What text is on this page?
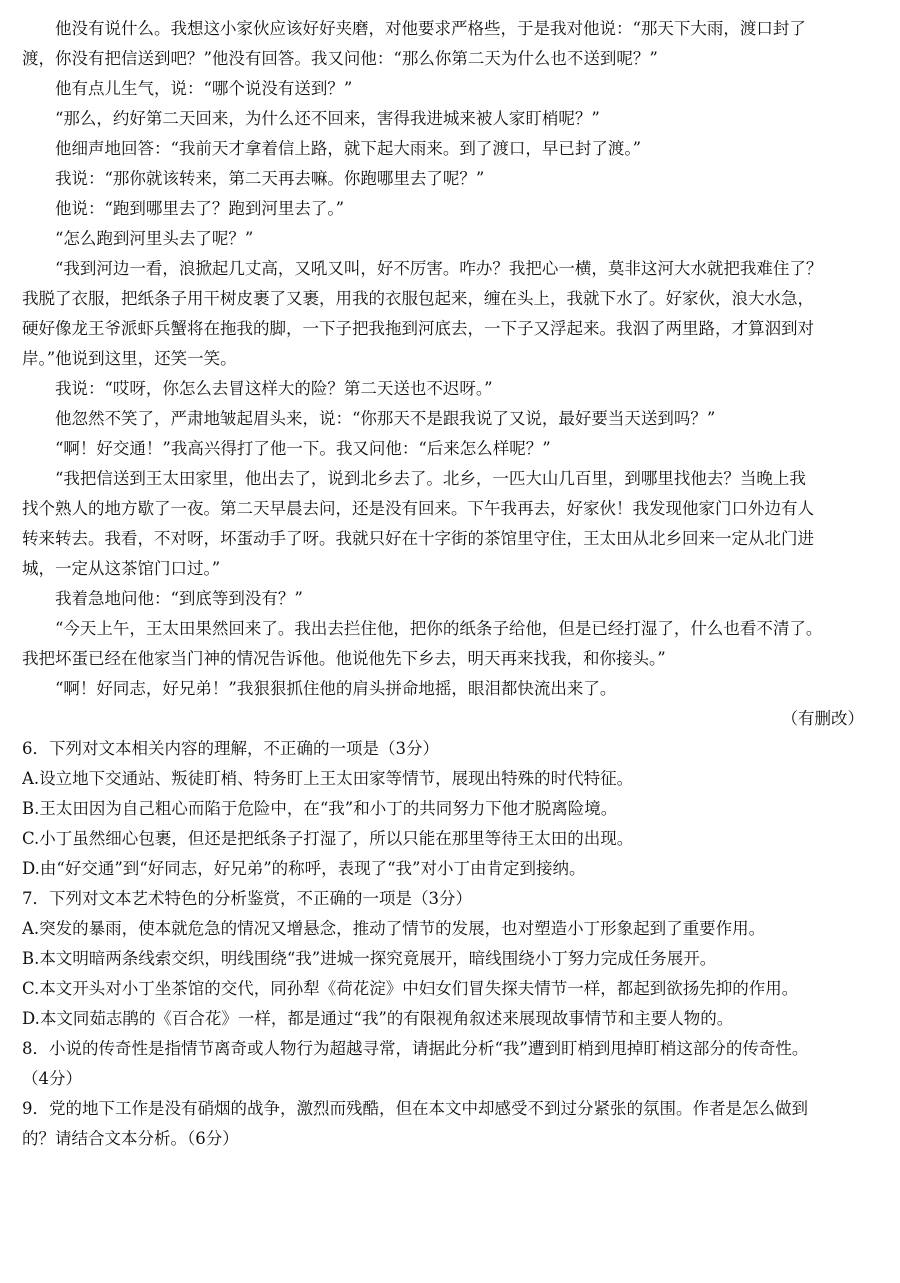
他没有说什么。我想这小家伙应该好好夹磨，对他要求严格些，于是我对他说：“那天下大雨，渡口封了
渡，你没有把信送到吧？”他没有回答。我又问他：“那么你第二天为什么也不送到呢？”
他有点儿生气，说：“哪个说没有送到？”
“那么，约好第二天回来，为什么还不回来，害得我进城来被人家盯梢呢？”
他细声地回答：“我前天才拿着信上路，就下起大雨来。到了渡口，早已封了渡。”
我说：“那你就该转来，第二天再去嘛。你跑哪里去了呢？”
他说：“跑到哪里去了？跑到河里去了。”
“怎么跑到河里头去了呢？”
“我到河边一看，浪掀起几丈高，又吼又叫，好不厉害。咋办？我把心一横，莫非这河大水就把我难住了？
我脱了衣服，把纸条子用干树皮裹了又裹，用我的衣服包起来，缠在头上，我就下水了。好家伙，浪大水急，
硬好像龙王爷派虾兵蟹将在拖我的脚，一下子把我拖到河底去，一下子又浮起来。我泅了两里路，才算泅到对
岸。”他说到这里，还笑一笑。
我说：“哎呀，你怎么去冒这样大的险？第二天送也不迟呀。”
他忽然不笑了，严肃地皱起眉头来，说：“你那天不是跟我说了又说，最好要当天送到吗？”
“啊！好交通！”我高兴得打了他一下。我又问他：“后来怎么样呢？”
“我把信送到王太田家里，他出去了，说到北乡去了。北乡，一匹大山几百里，到哪里找他去？当晚上我
找个熟人的地方歇了一夜。第二天早晨去问，还是没有回来。下午我再去，好家伙！我发现他家门口外边有人
转来转去。我看，不对呀，坏蛋动手了呀。我就只好在十字街的茶馆里守住，王太田从北乡回来一定从北门进
城，一定从这茶馆门口过。”
我着急地问他：“到底等到没有？”
“今天上午，王太田果然回来了。我出去拦住他，把你的纸条子给他，但是已经打湿了，什么也看不清了。
我把坏蛋已经在他家当门神的情况告诉他。他说他先下乡去，明天再来找我，和你接头。”
“啊！好同志，好兄弟！”我狠狠抓住他的肩头拼命地摇，眼泪都快流出来了。
（有删改）
6．下列对文本相关内容的理解，不正确的一项是（3分）
A.设立地下交通站、叛徒盯梢、特务盯上王太田家等情节，展现出特殊的时代特征。
B.王太田因为自己粗心而陷于危险中，在“我”和小丁的共同努力下他才脱离险境。
C.小丁虽然细心包裹，但还是把纸条子打湿了，所以只能在那里等待王太田的出现。
D.由“好交通”到“好同志，好兄弟”的称呼，表现了“我”对小丁由肯定到接纳。
7．下列对文本艺术特色的分析鉴赏，不正确的一项是（3分）
A.突发的暴雨，使本就危急的情况又增悬念，推动了情节的发展，也对塑造小丁形象起到了重要作用。
B.本文明暗两条线索交织，明线围绕“我”进城一探究竟展开，暗线围绕小丁努力完成任务展开。
C.本文开头对小丁坐茶馆的交代，同孙犁《荷花淀》中妇女们冒失探夫情节一样，都起到欲扬先抑的作用。
D.本文同茹志鹃的《百合花》一样，都是通过“我”的有限视角叙述来展现故事情节和主要人物的。
8．小说的传奇性是指情节离奇或人物行为超越寻常，请据此分析“我”遭到盯梢到甩掉盯梢这部分的传奇性。
（4分）
9．党的地下工作是没有硝烟的战争，激烈而残酷，但在本文中却感受不到过分紧张的氛围。作者是怎么做到
的？请结合文本分析。（6分）
